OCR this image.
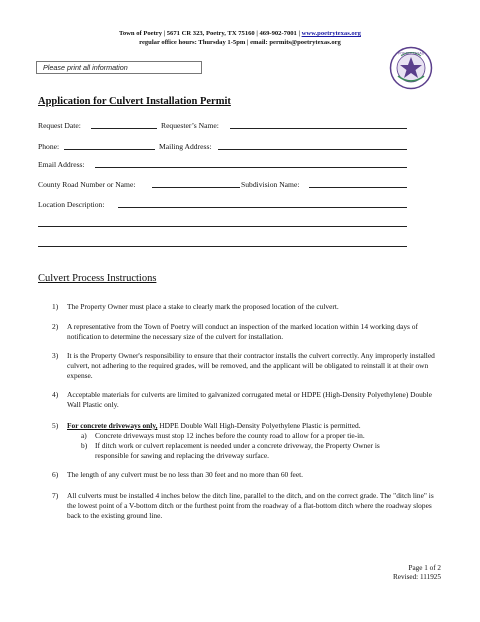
Town of Poetry | 5671 CR 323, Poetry, TX 75160 | 469-902-7001 | www.poetrytexas.org
regular office hours: Thursday 1-5pm | email: permits@poetrytexas.org
Please print all information
POETRY TEXAS
Application for Culvert Installation Permit
Request Date:	Requester’s Name:
Phone:	Mailing Address:
Email Address:
County Road Number or Name:	Subdivision Name:
Location Description:
Culvert Process Instructions
1) The Property Owner must place a stake to clearly mark the proposed location of the culvert.
2) A representative from the Town of Poetry will conduct an inspection of the marked location within 14 working days of notification to determine the necessary size of the culvert for installation.
3) It is the Property Owner's responsibility to ensure that their contractor installs the culvert correctly. Any improperly installed culvert, not adhering to the required grades, will be removed, and the applicant will be obligated to reinstall it at their own expense.
4) Acceptable materials for culverts are limited to galvanized corrugated metal or HDPE (High-Density Polyethylene) Double Wall Plastic only.
5) For concrete driveways only, HDPE Double Wall High-Density Polyethylene Plastic is permitted.
a) Concrete driveways must stop 12 inches before the county road to allow for a proper tie-in.
b) If ditch work or culvert replacement is needed under a concrete driveway, the Property Owner is responsible for sawing and replacing the driveway surface.
6) The length of any culvert must be no less than 30 feet and no more than 60 feet.
7) All culverts must be installed 4 inches below the ditch line, parallel to the ditch, and on the correct grade. The "ditch line" is the lowest point of a V-bottom ditch or the furthest point from the roadway of a flat-bottom ditch where the roadway slopes back to the existing ground line.
Page 1 of 2
Revised: 111925
